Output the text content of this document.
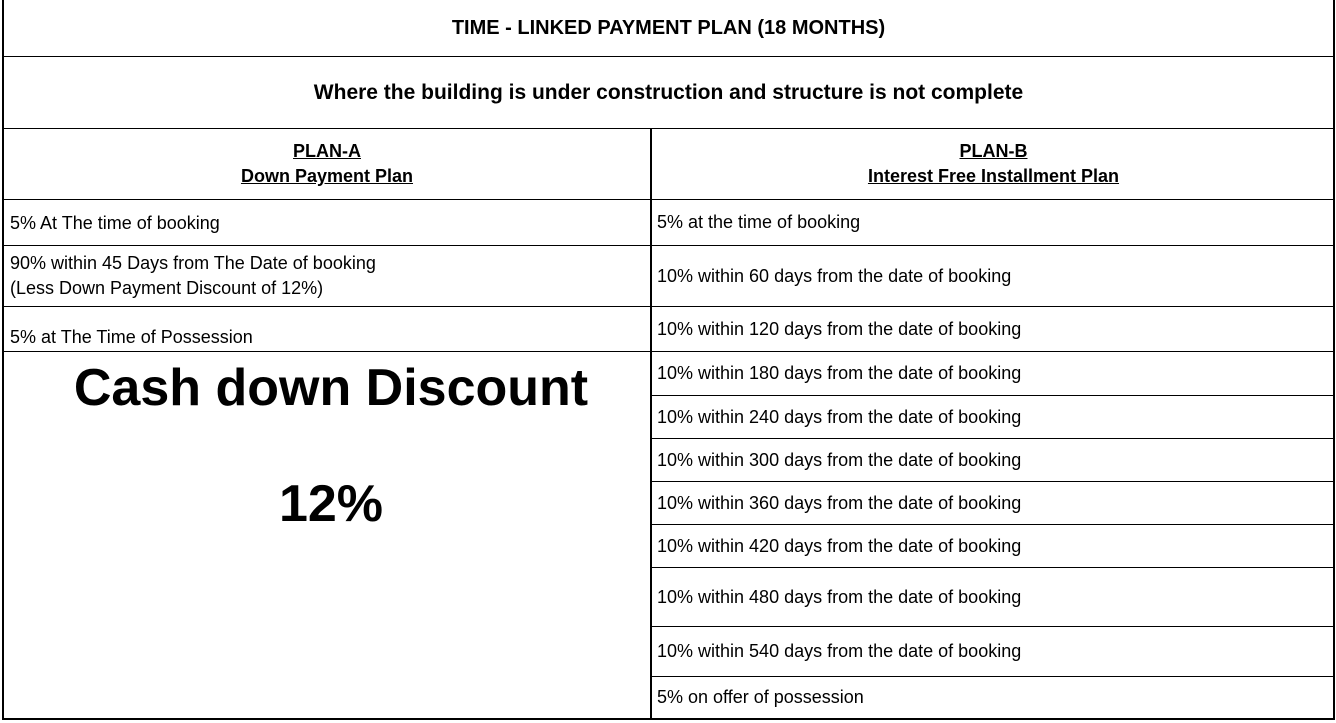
TIME - LINKED PAYMENT PLAN (18 MONTHS)
Where the building is under construction and structure is not complete
PLAN-A
Down Payment Plan
PLAN-B
Interest Free Installment Plan
5% At The time of booking
90% within 45 Days from The Date of booking
(Less Down Payment Discount of 12%)
5% at The Time of Possession
Cash down Discount
12%
5% at the time of booking
10% within 60 days from the date of booking
10% within 120 days from the date of booking
10% within 180 days from the date of booking
10% within 240 days from the date of booking
10% within 300 days from the date of booking
10% within 360 days from the date of booking
10% within 420 days from the date of booking
10% within 480 days from the date of booking
10% within 540 days from the date of booking
5% on offer of possession
